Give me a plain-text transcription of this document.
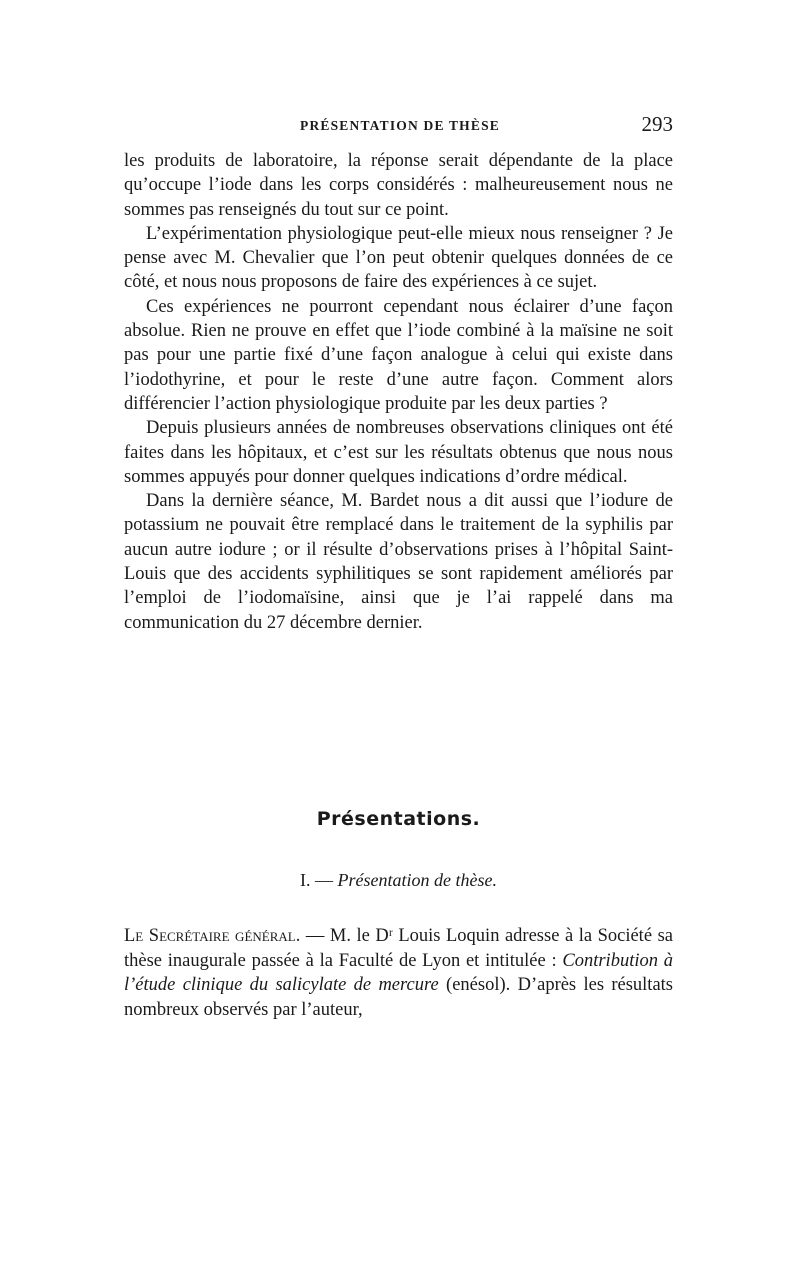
PRÉSENTATION DE THÈSE	293

les produits de laboratoire, la réponse serait dépendante de la place qu’occupe l’iode dans les corps considérés : malheureusement nous ne sommes pas renseignés du tout sur ce point.

L’expérimentation physiologique peut-elle mieux nous renseigner ? Je pense avec M. Chevalier que l’on peut obtenir quelques données de ce côté, et nous nous proposons de faire des expériences à ce sujet.

Ces expériences ne pourront cependant nous éclairer d’une façon absolue. Rien ne prouve en effet que l’iode combiné à la maïsine ne soit pas pour une partie fixé d’une façon analogue à celui qui existe dans l’iodothyrine, et pour le reste d’une autre façon. Comment alors différencier l’action physiologique produite par les deux parties ?

Depuis plusieurs années de nombreuses observations cliniques ont été faites dans les hôpitaux, et c’est sur les résultats obtenus que nous nous sommes appuyés pour donner quelques indications d’ordre médical.

Dans la dernière séance, M. Bardet nous a dit aussi que l’iodure de potassium ne pouvait être remplacé dans le traitement de la syphilis par aucun autre iodure ; or il résulte d’observations prises à l’hôpital Saint-Louis que des accidents syphilitiques se sont rapidement améliorés par l’emploi de l’iodomaïsine, ainsi que je l’ai rappelé dans ma communication du 27 décembre dernier.

Présentations.
I. — Présentation de thèse.

Le Secrétaire général. — M. le Dʳ Louis Loquin adresse à la Société sa thèse inaugurale passée à la Faculté de Lyon et intitulée : Contribution à l’étude clinique du salicylate de mercure (enésol). D’après les résultats nombreux observés par l’auteur,
